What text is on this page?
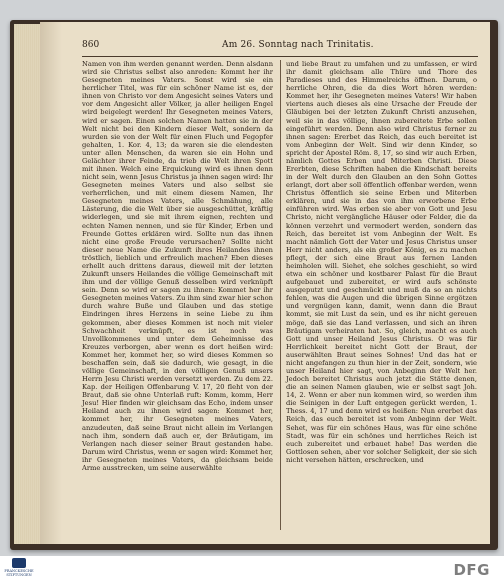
860	Am 26. Sonntag nach Trinitatis.

Namen von ihm werden genannt werden. Denn alsdann wird sie Christus selbst also anreden: Kommt her ihr Gesegneten meines Vaters. Sonst wird sie ein herrlicher Titel, was für ein schöner Name ist es, der ihnen von Christo vor dem Angesicht seines Vaters und vor dem Angesicht aller Völker, ja aller heiligen Engel wird beigelegt werden! Ihr Gesegneten meines Vaters, wird er sagen. Einen solchen Namen hatten sie in der Welt nicht bei den Kindern dieser Welt, sondern da wurden sie von der Welt für einen Fluch und Fegopfer gehalten, 1. Kor. 4, 13; da waren sie die elendesten unter allen Menschen, da waren sie ein Hohn und Gelächter ihrer Feinde, da trieb die Welt ihren Spott mit ihnen. Welch eine Erquickung wird es ihnen denn nicht sein, wenn Jesus Christus ja ihnen sagen wird: Ihr Gesegneten meines Vaters und also selbst sie verherrlichen, und mit einem diesem Namen, Ihr Gesegneten meines Vaters, alle Schmähung, alle Lästerung, die die Welt über sie ausgeschüttet, kräftig widerlegen, und sie mit ihrem eignen, rechten und echten Namen nennen, und sie für Kinder, Erben und Freunde Gottes erklären wird. Sollte nun das ihnen nicht eine große Freude verursachen? Sollte nicht dieser neue Name die Zukunft ihres Heilandes ihnen tröstlich, lieblich und erfreulich machen? Eben dieses erhellt auch drittens daraus, dieweil mit der letzten Zukunft unsers Heilandes die völlige Gemeinschaft mit ihm und der völlige Genuß desselben wird verknüpft sein. Denn so wird er sagen zu ihnen: Kommet her ihr Gesegneten meines Vaters. Zu ihm sind zwar hier schon durch wahre Buße und Glauben und das stetige Eindringen ihres Herzens in seine Liebe zu ihm gekommen, aber dieses Kommen ist noch mit vieler Schwachheit verknüpft, es ist noch was Unvollkommenes und unter dem Geheimnisse des Kreuzes verborgen, aber wenn es dort heißen wird: Kommet her, kommet her, so wird dieses Kommen so beschaffen sein, daß sie dadurch, wie gesagt, in die völlige Gemeinschaft, in den völligen Genuß unsers Herrn Jesu Christi werden versetzt werden. Zu dem 22. Kap. der Heiligen Offenbarung V. 17, 20 fleht von der Braut, daß sie ohne Unterlaß ruft: Komm, komm, Herr Jesu! Hier finden wir gleichsam das Echo, indem unser Heiland auch zu ihnen wird sagen: Kommet her, kommet her, ihr Gesegneten meines Vaters, anzudeuten, daß seine Braut nicht allein im Verlangen nach ihm, sondern daß auch er, der Bräutigam, im Verlangen nach dieser seiner Braut gestanden habe. Darum wird Christus, wenn er sagen wird: Kommet her, ihr Gesegneten meines Vaters, da gleichsam beide Arme ausstrecken, um seine auserwählte

und liebe Braut zu umfahen und zu umfassen, er wird ihr damit gleichsam alle Thüre und Thore des Paradieses und des Himmelreichs öffnen. Darum, o herrliche Ohren, die da dies Wort hören werden: Kommet her, ihr Gesegneten meines Vaters! Wir haben viertens auch dieses als eine Ursache der Freude der Gläubigen bei der letzten Zukunft Christi anzusehen, weil sie in das völlige, ihnen zubereitete Erbe sollen eingeführt werden. Denn also wird Christus ferner zu ihnen sagen: Ererbet das Reich, das euch bereitet ist vom Anbeginn der Welt. Sind wir denn Kinder, so spricht der Apostel Röm. 8, 17, so sind wir auch Erben, nämlich Gottes Erben und Miterben Christi. Diese Ererbten, diese Schriften haben die Kindschaft bereits in der Welt durch den Glauben an den Sohn Gottes erlangt, dort aber soll öffentlich offenbar werden, wenn Christus öffentlich sie seine Erben und Miterben erklären, und sie in das von ihm erworbene Erbe einführen wird. Was erben sie aber von Gott und Jesu Christo, nicht vergängliche Häuser oder Felder, die da können verzehrt und vermodert werden, sondern das Reich, das bereitet ist vom Anbeginn der Welt. Es macht nämlich Gott der Vater und Jesus Christus unser Herr nicht anders, als ein großer König, es zu machen pflegt, der sich eine Braut aus fernen Landen heimholen will. Siehet, ehe solches geschieht, so wird etwa ein schöner und kostbarer Palast für die Braut aufgebauet und zubereitet, er wird aufs schönste ausgeputzt und geschmückt und muß da so an nichts fehlen, was die Augen und die übrigen Sinne ergötzen und vergnügen kann, damit, wenn dann die Braut kommt, sie mit Lust da sein, und es ihr nicht gereuen möge, daß sie das Land verlassen, und sich an ihren Bräutigam verheiraten hat. So, gleich, macht es auch Gott und unser Heiland Jesus Christus. O was für Herrlichkeit bereitet nicht Gott der Braut, der auserwählten Braut seines Sohnes! Und das hat er nicht angefangen zu thun hier in der Zeit, sondern, wie unser Heiland hier sagt, von Anbeginn der Welt her. Jedoch bereitet Christus auch jetzt die Stätte denen, die an seinen Namen glauben, wie er selbst sagt Joh. 14, 2. Wenn er aber nun kommen wird, so werden ihm die Seinigen in der Luft entgegen gerückt werden, 1. Thess. 4, 17 und denn wird es heißen: Nun ererbet das Reich, das euch bereitet ist vom Anbeginn der Welt. Sehet, was für ein schönes Haus, was für eine schöne Stadt, was für ein schönes und herrliches Reich ist euch zubereitet und erbauet habe! Das werden die Gottlosen sehen, aber vor solcher Seligkeit, der sie sich nicht versehen hätten, erschrecken, und

FRANCKESCHE STIFTUNGEN	DFG
